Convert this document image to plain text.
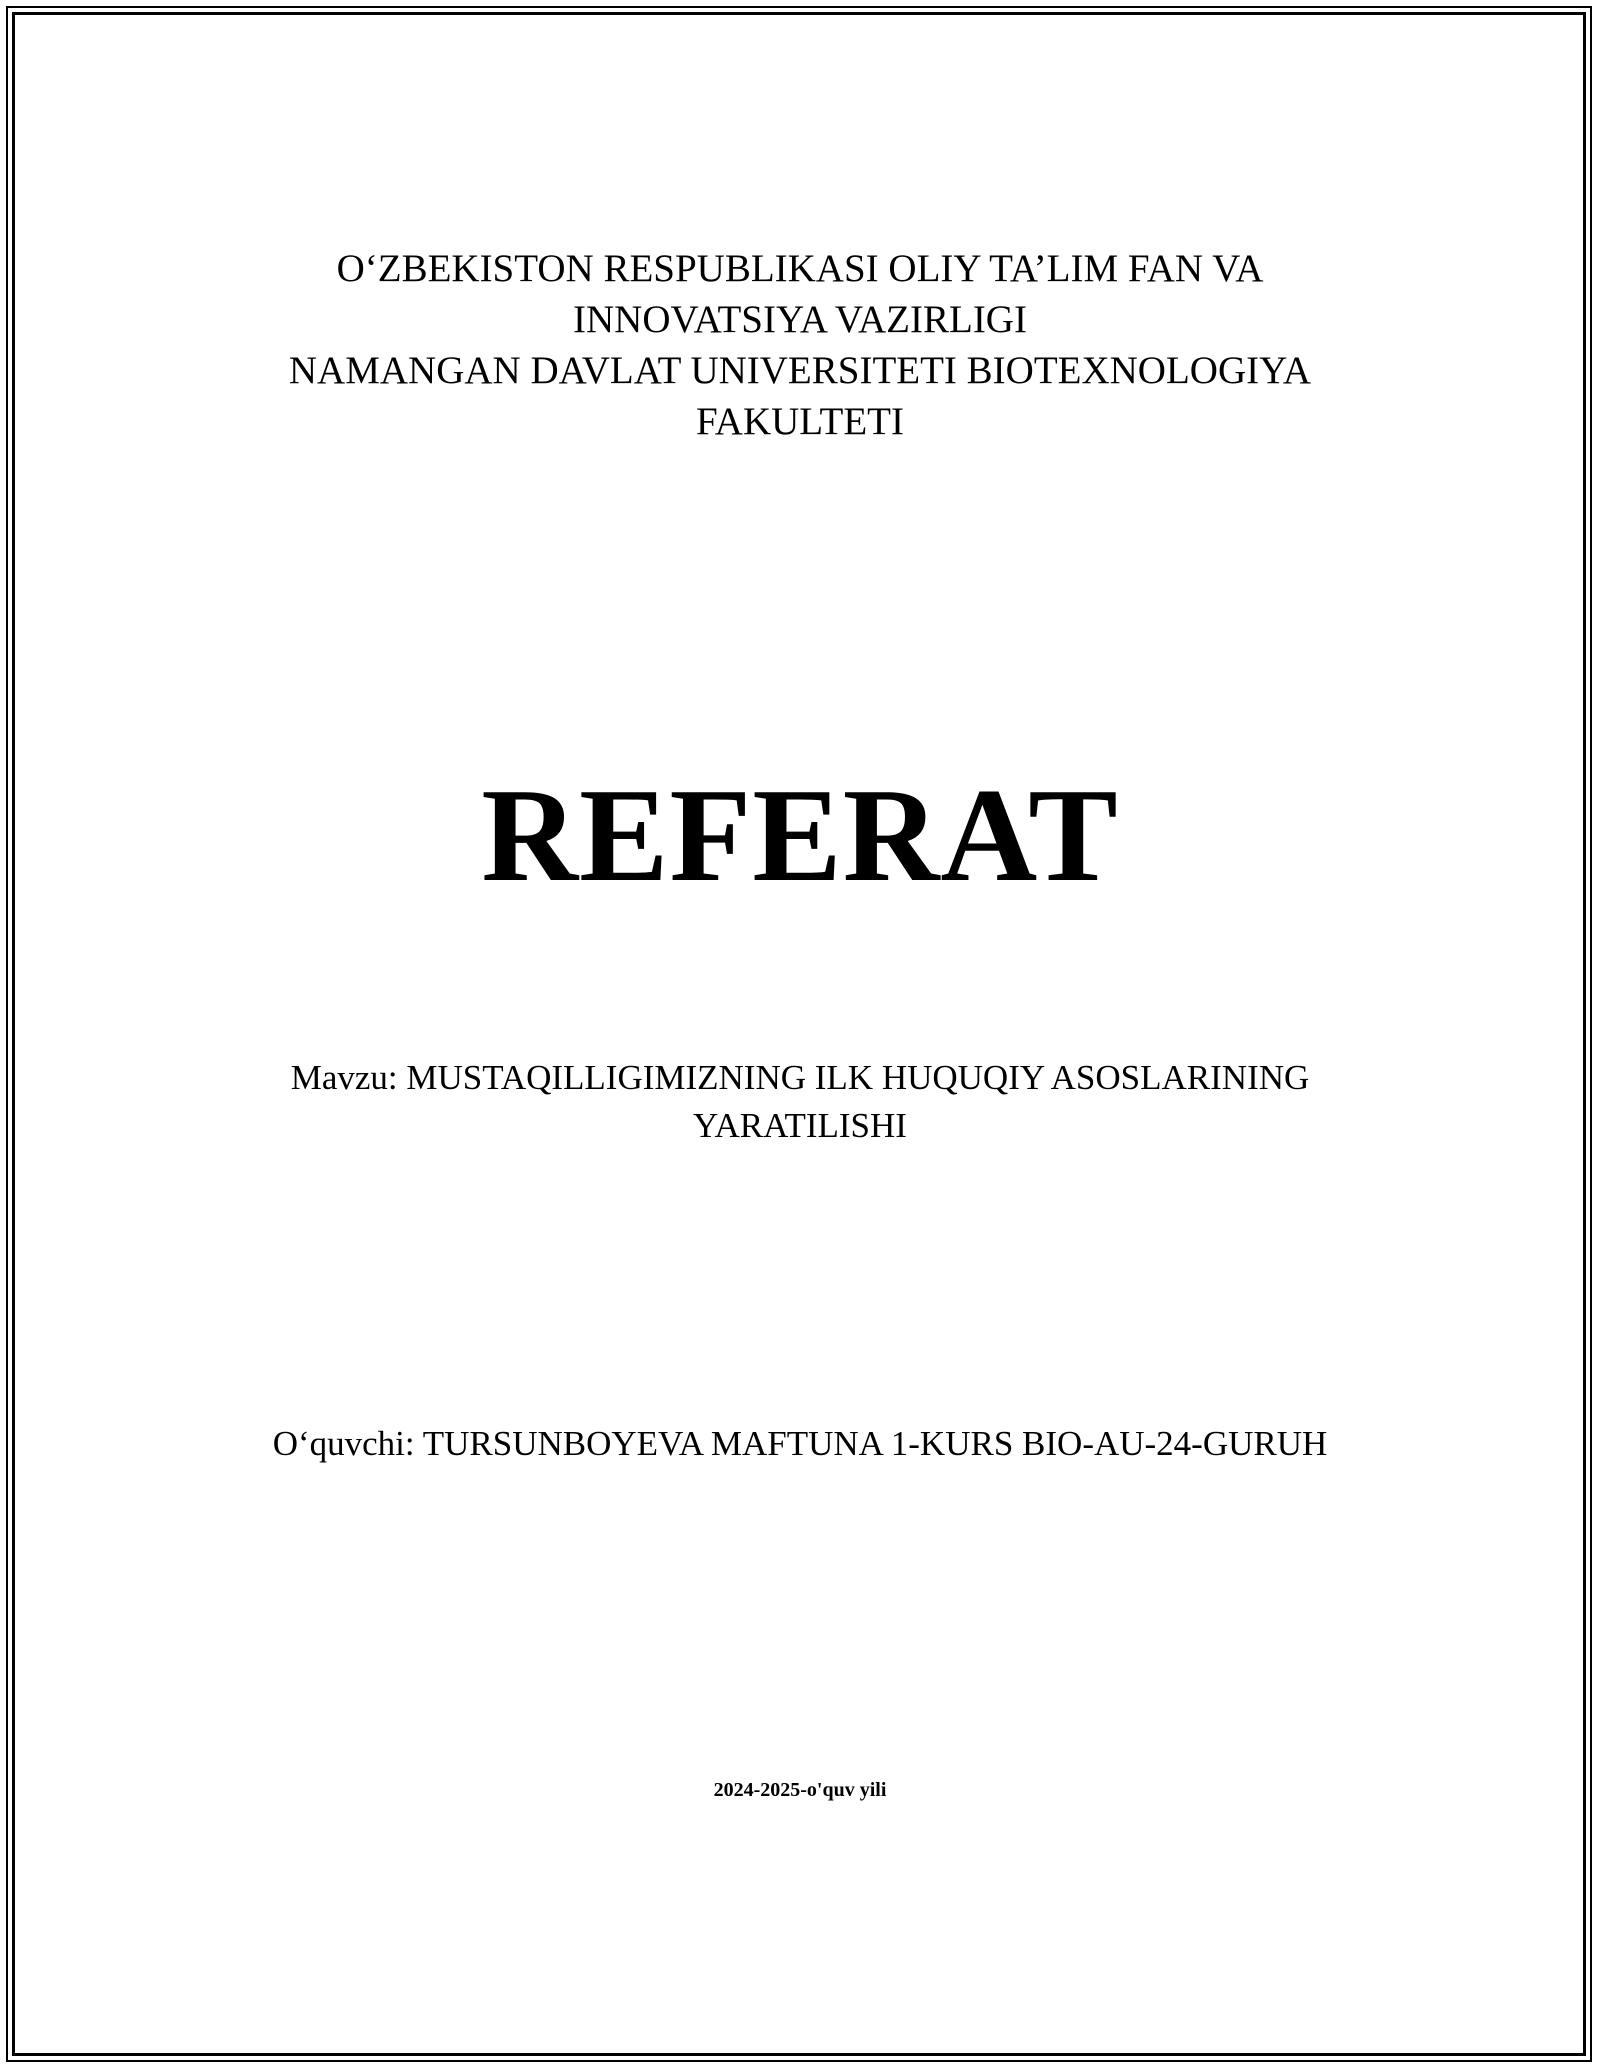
O‘ZBEKISTON RESPUBLIKASI OLIY TA’LIM FAN VA
INNOVATSIYA VAZIRLIGI
NAMANGAN DAVLAT UNIVERSITETI BIOTEXNOLOGIYA
FAKULTETI
REFERAT
Mavzu: MUSTAQILLIGIMIZNING ILK HUQUQIY ASOSLARINING
YARATILISHI
O‘quvchi: TURSUNBOYEVA MAFTUNA 1-KURS BIO-AU-24-GURUH
2024-2025-o'quv yili
